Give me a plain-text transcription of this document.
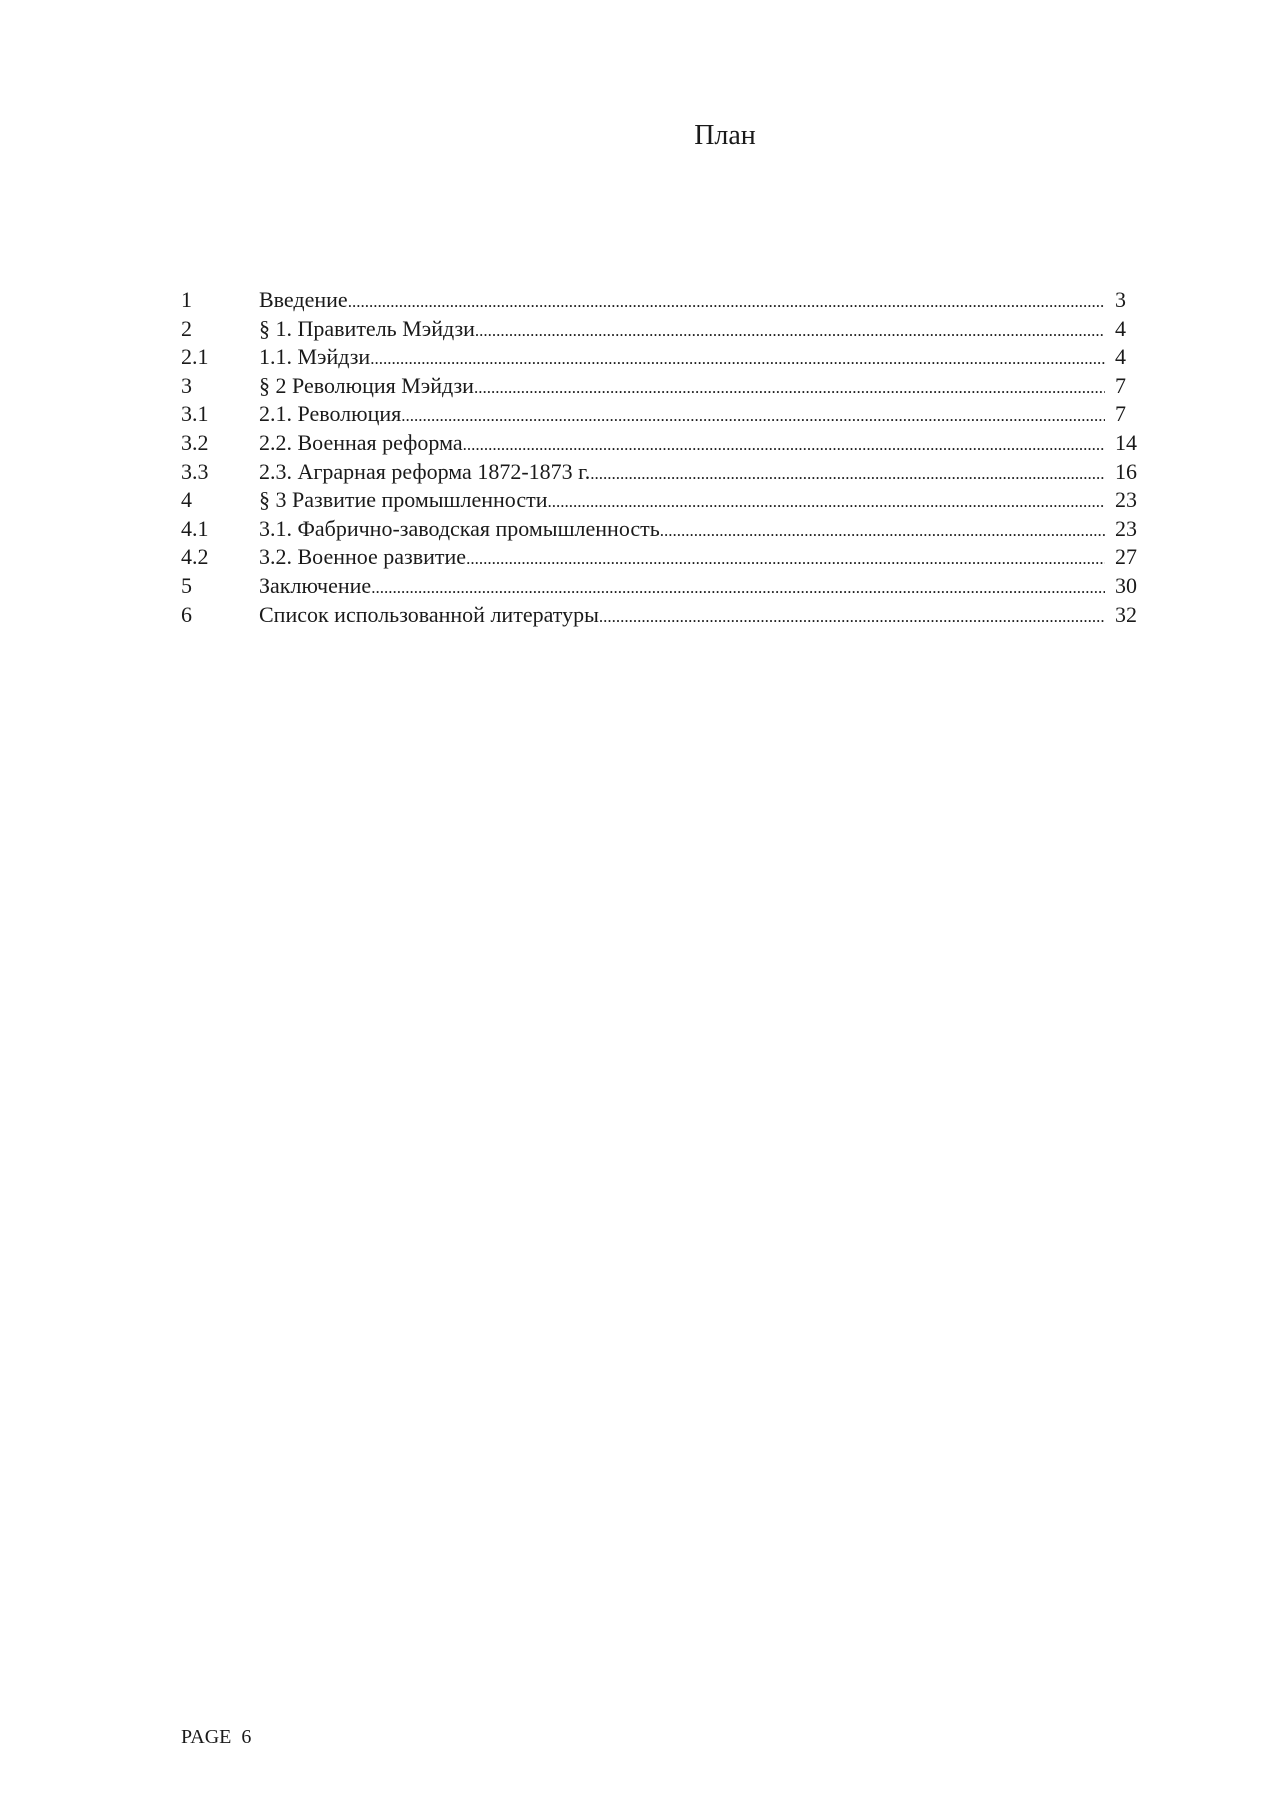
План
1	Введение .....	3
2	§ 1. Правитель Мэйдзи .....	4
2.1	1.1. Мэйдзи .....	4
3	§ 2 Революция Мэйдзи .....	7
3.1	2.1. Революция .....	7
3.2	2.2. Военная реформа .....	14
3.3	2.3. Аграрная реформа 1872-1873 г. .....	16
4	§ 3 Развитие промышленности .....	23
4.1	3.1. Фабрично-заводская промышленность .....	23
4.2	3.2. Военное развитие .....	27
5	Заключение .....	30
6	Список использованной литературы .....	32
PAGE 6
